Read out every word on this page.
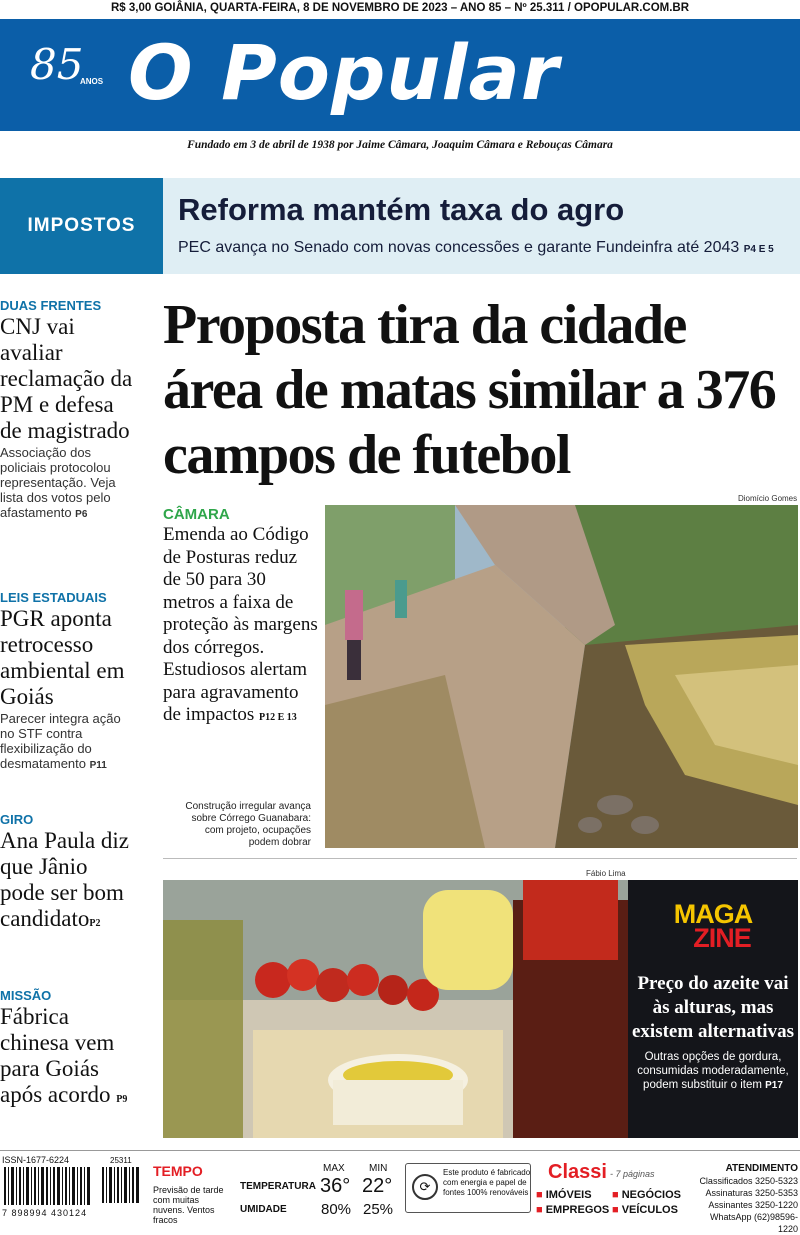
R$ 3,00 GOIÂNIA, QUARTA-FEIRA, 8 DE NOVEMBRO DE 2023 – ANO 85 – Nº 25.311 / OPOPULAR.COM.BR
85
ANOS O Popular
Fundado em 3 de abril de 1938 por Jaime Câmara, Joaquim Câmara e Rebouças Câmara
IMPOSTOS	Reforma mantém taxa do agro
PEC avança no Senado com novas concessões e garante Fundeinfra até 2043 P4 E 5
DUAS FRENTES
CNJ vai avaliar reclamação da PM e defesa de magistrado
Associação dos policiais protocolou representação. Veja lista dos votos pelo afastamento P6
LEIS ESTADUAIS
PGR aponta retrocesso ambiental em Goiás
Parecer integra ação no STF contra flexibilização do desmatamento P11
GIRO
Ana Paula diz que Jânio pode ser bom candidatoP2
MISSÃO
Fábrica chinesa vem para Goiás após acordo P9
Proposta tira da cidade área de matas similar a 376 campos de futebol
Diomício Gomes
CÂMARA
Emenda ao Código de Posturas reduz de 50 para 30 metros a faixa de proteção às margens dos córregos. Estudiosos alertam para agravamento de impactos P12 E 13
Construção irregular avança sobre Córrego Guanabara: com projeto, ocupações podem dobrar
Fábio Lima
MAGA
ZINE
Preço do azeite vai às alturas, mas existem alternativas
Outras opções de gordura, consumidas moderadamente, podem substituir o item P17
ISSN-1677-6224
7 898994 430124
25311
TEMPO
Previsão de tarde com muitas nuvens. Ventos fracos
MAX MIN
TEMPERATURA 36° 22°
UMIDADE 80% 25%
⟳
Este produto é fabricado com energia e papel de fontes 100% renováveis
Classi - 7 páginas
■ IMÓVEIS	■ NEGÓCIOS
■ EMPREGOS	■ VEÍCULOS
ATENDIMENTO
Classificados 3250-5323
Assinaturas 3250-5353
Assinantes 3250-1220
WhatsApp (62)98596-1220
